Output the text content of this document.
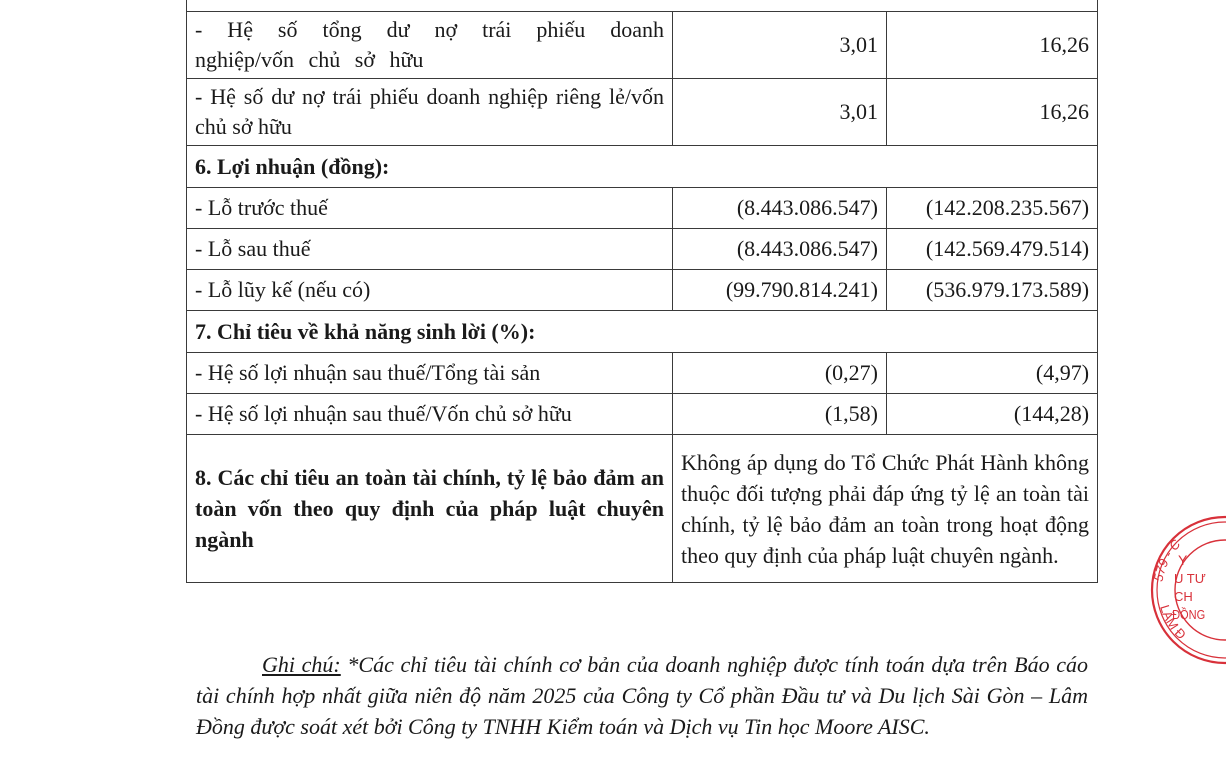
- Hệ số tổng dư nợ trái phiếu doanh nghiệp/vốn chủ sở hữu	3,01	16,26
- Hệ số dư nợ trái phiếu doanh nghiệp riêng lẻ/vốn chủ sở hữu	3,01	16,26
6. Lợi nhuận (đồng):		
- Lỗ trước thuế	(8.443.086.547)	(142.208.235.567)
- Lỗ sau thuế	(8.443.086.547)	(142.569.479.514)
- Lỗ lũy kế (nếu có)	(99.790.814.241)	(536.979.173.589)
7. Chỉ tiêu về khả năng sinh lời (%):		
- Hệ số lợi nhuận sau thuế/Tổng tài sản	(0,27)	(4,97)
- Hệ số lợi nhuận sau thuế/Vốn chủ sở hữu	(1,58)	(144,28)
8. Các chỉ tiêu an toàn tài chính, tỷ lệ bảo đảm an toàn vốn theo quy định của pháp luật chuyên ngành	Không áp dụng do Tổ Chức Phát Hành không thuộc đối tượng phải đáp ứng tỷ lệ an toàn tài chính, tỷ lệ bảo đảm an toàn trong hoạt động theo quy định của pháp luật chuyên ngành.	

Ghi chú: *Các chỉ tiêu tài chính cơ bản của doanh nghiệp được tính toán dựa trên Báo cáo tài chính hợp nhất giữa niên độ năm 2025 của Công ty Cổ phần Đầu tư và Du lịch Sài Gòn – Lâm Đồng được soát xét bởi Công ty TNHH Kiểm toán và Dịch vụ Tin học Moore AISC.

579 - C
Y
U TƯ
CH
ĐỒNG
LÂM Đ
